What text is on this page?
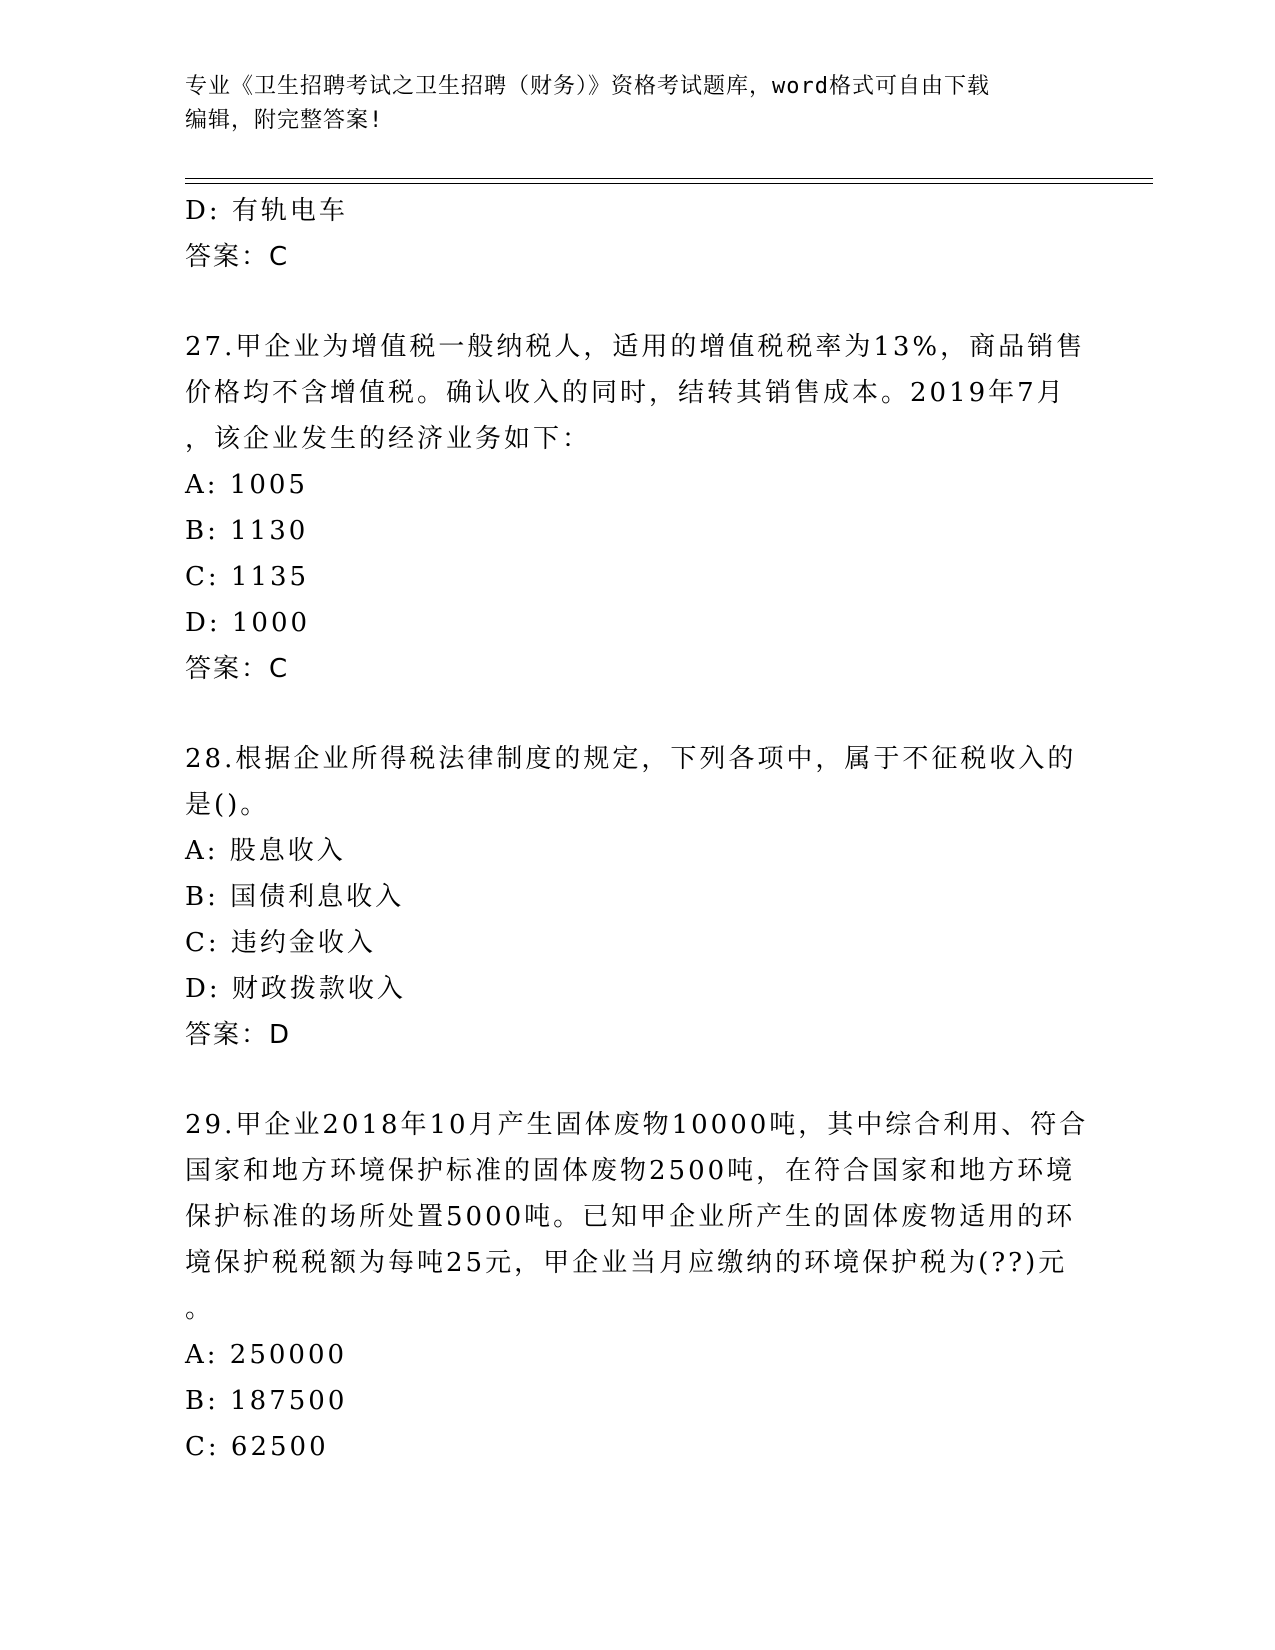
专业《卫生招聘考试之卫生招聘（财务）》资格考试题库，word格式可自由下载
编辑，附完整答案!
D: 有轨电车
答案：C
27.甲企业为增值税一般纳税人，适用的增值税税率为13%，商品销售
价格均不含增值税。确认收入的同时，结转其销售成本。2019年7月
，该企业发生的经济业务如下：
A: 1005
B: 1130
C: 1135
D: 1000
答案：C
28.根据企业所得税法律制度的规定，下列各项中，属于不征税收入的
是()。
A: 股息收入
B: 国债利息收入
C: 违约金收入
D: 财政拨款收入
答案：D
29.甲企业2018年10月产生固体废物10000吨，其中综合利用、符合
国家和地方环境保护标准的固体废物2500吨，在符合国家和地方环境
保护标准的场所处置5000吨。已知甲企业所产生的固体废物适用的环
境保护税税额为每吨25元，甲企业当月应缴纳的环境保护税为(??)元
。
A: 250000
B: 187500
C: 62500
